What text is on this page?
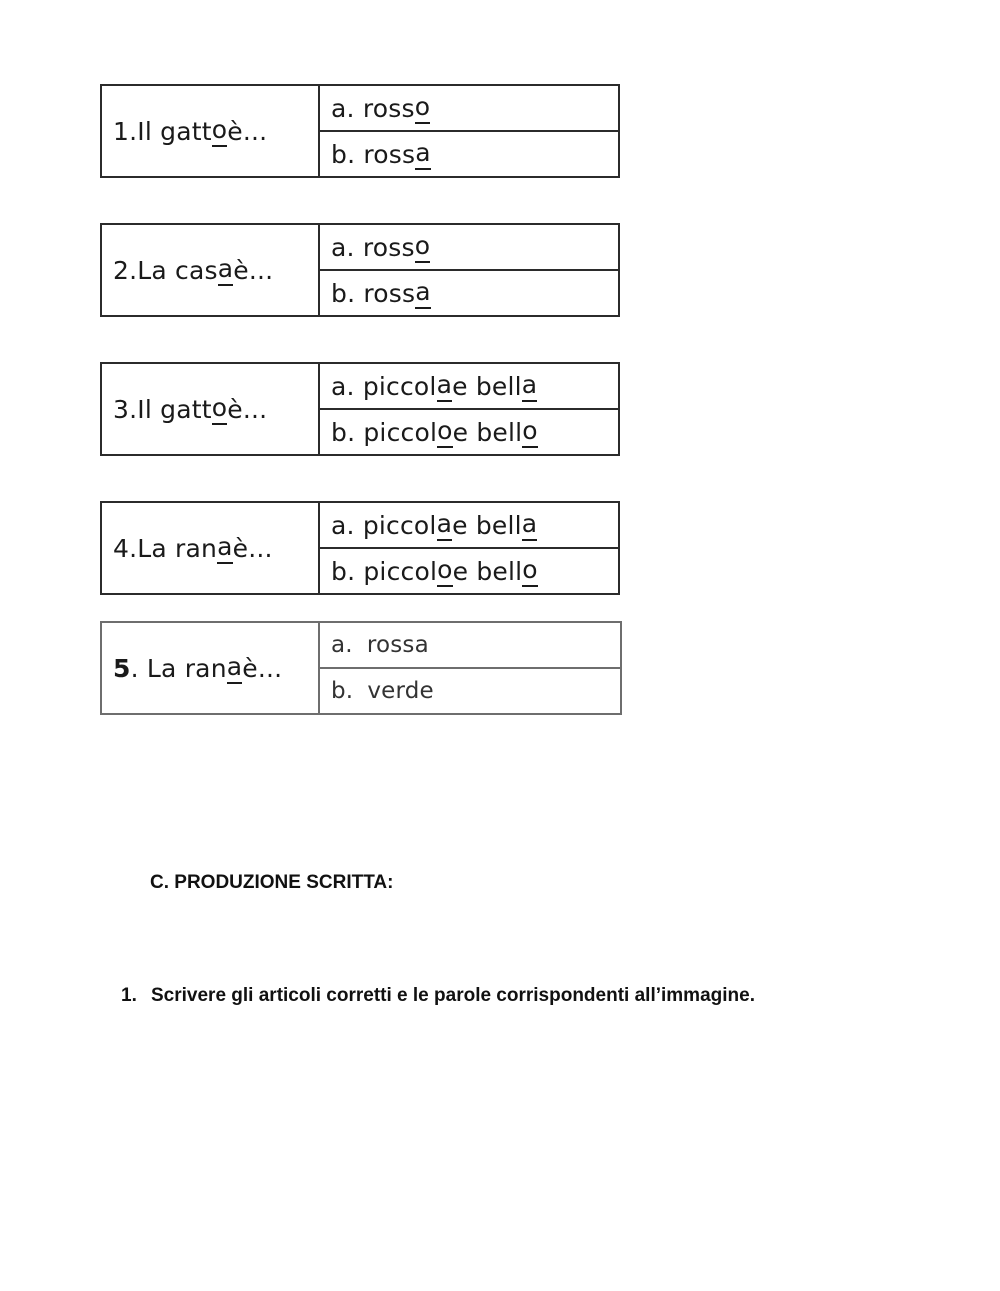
1. Il gatt o è...
a. ross o
b. ross a
2. La cas a è...
a. ross o
b. ross a
3. Il gatt o è...
a. piccol a e bell a
b. piccol o e bell o
4. La ran a è...
a. piccol a e bell a
b. piccol o e bell o
5 . La ran a è...
a. rossa
b. verde
C. PRODUZIONE SCRITTA:
1. Scrivere gli articoli corretti e le parole corrispondenti all’immagine.
